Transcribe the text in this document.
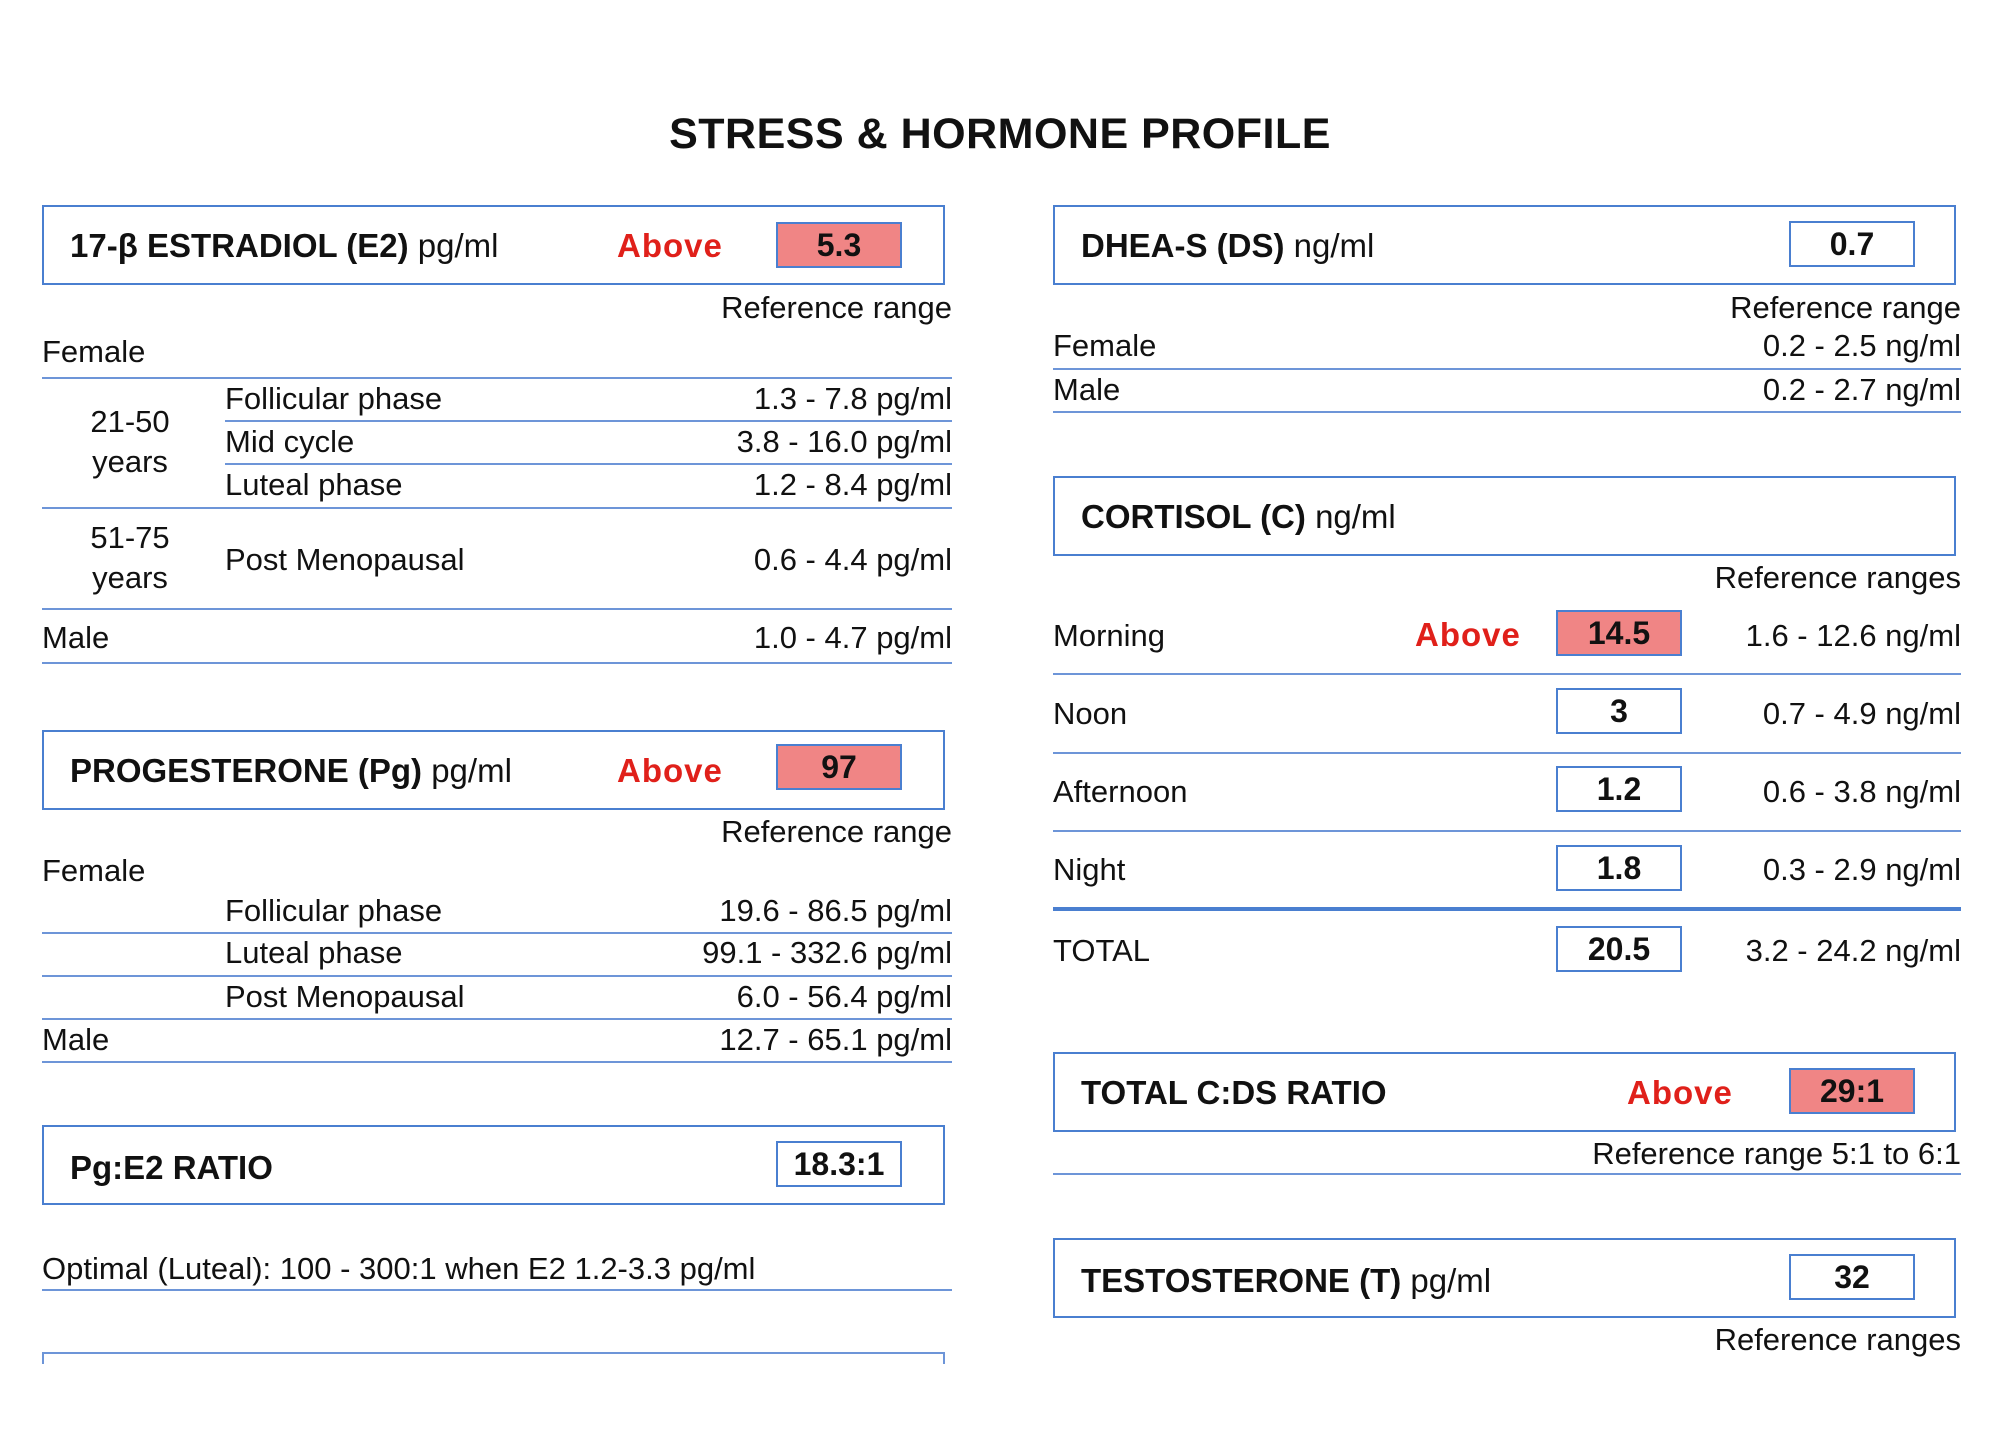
STRESS & HORMONE PROFILE
17-β ESTRADIOL (E2) pg/ml	Above	5.3
Reference range
Female
21-50 years
Follicular phase	1.3 - 7.8 pg/ml
Mid cycle	3.8 - 16.0 pg/ml
Luteal phase	1.2 - 8.4 pg/ml
51-75 years
Post Menopausal	0.6 - 4.4 pg/ml
Male	1.0 - 4.7 pg/ml
PROGESTERONE (Pg) pg/ml	Above	97
Reference range
Female
Follicular phase	19.6 - 86.5 pg/ml
Luteal phase	99.1 - 332.6 pg/ml
Post Menopausal	6.0 - 56.4 pg/ml
Male	12.7 - 65.1 pg/ml
Pg:E2 RATIO	18.3:1
Optimal (Luteal): 100 - 300:1 when E2 1.2-3.3 pg/ml
DHEA-S (DS) ng/ml	0.7
Reference range
Female	0.2 - 2.5 ng/ml
Male	0.2 - 2.7 ng/ml
CORTISOL (C) ng/ml
Reference ranges
Morning	Above	14.5	1.6 - 12.6 ng/ml
Noon	3	0.7 - 4.9 ng/ml
Afternoon	1.2	0.6 - 3.8 ng/ml
Night	1.8	0.3 - 2.9 ng/ml
TOTAL	20.5	3.2 - 24.2 ng/ml
TOTAL C:DS RATIO	Above	29:1
Reference range 5:1 to 6:1
TESTOSTERONE (T) pg/ml	32
Reference ranges
